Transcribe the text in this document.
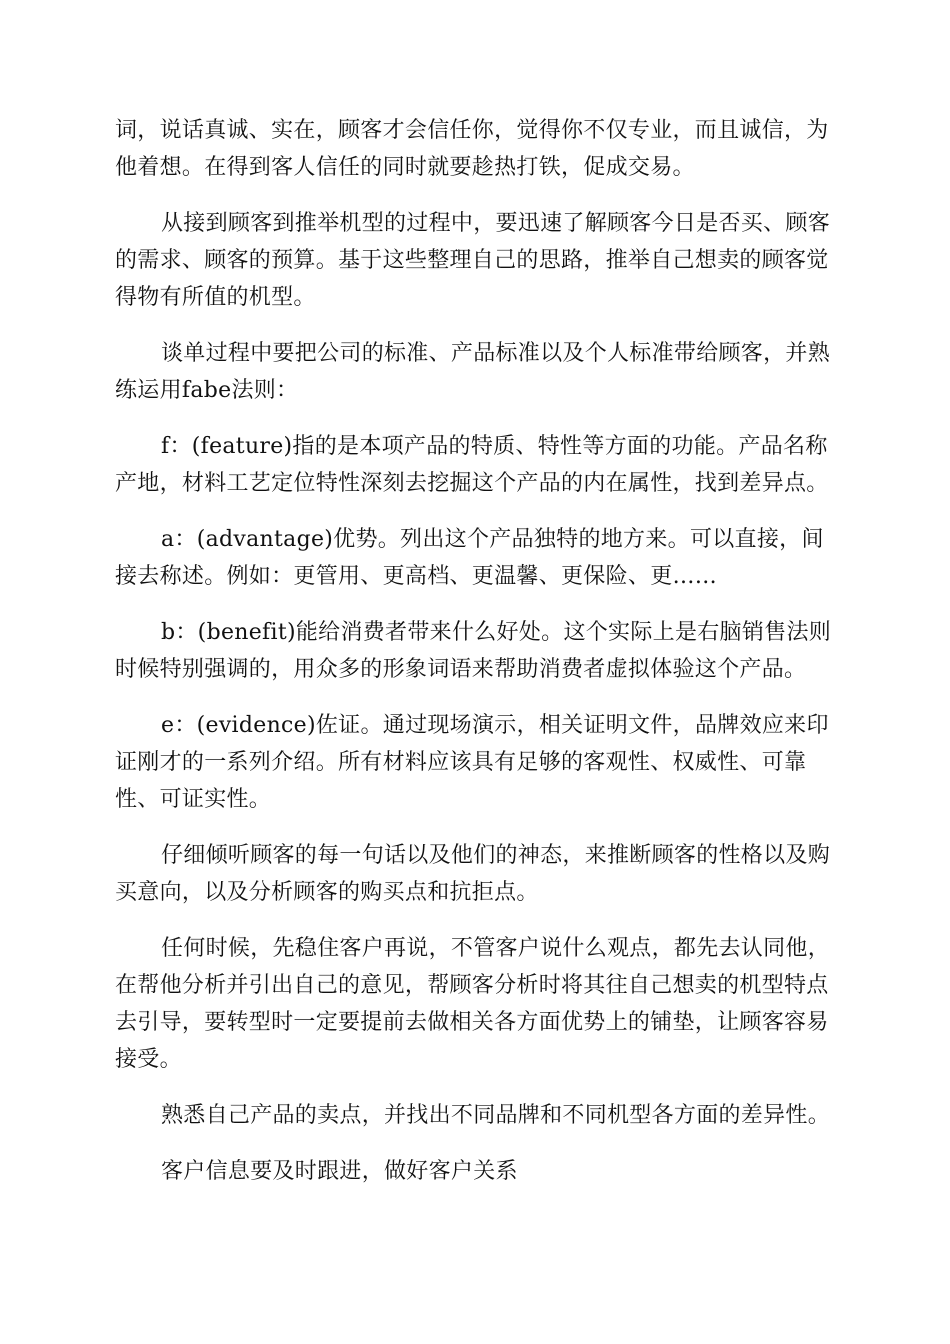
词，说话真诚、实在，顾客才会信任你，觉得你不仅专业，而且诚信，为他着想。在得到客人信任的同时就要趁热打铁，促成交易。

从接到顾客到推举机型的过程中，要迅速了解顾客今日是否买、顾客的需求、顾客的预算。基于这些整理自己的思路，推举自己想卖的顾客觉得物有所值的机型。

谈单过程中要把公司的标准、产品标准以及个人标准带给顾客，并熟练运用fabe法则：

f：(feature)指的是本项产品的特质、特性等方面的功能。产品名称产地，材料工艺定位特性深刻去挖掘这个产品的内在属性，找到差异点。

a：(advantage)优势。列出这个产品独特的地方来。可以直接，间接去称述。例如：更管用、更高档、更温馨、更保险、更……

b：(benefit)能给消费者带来什么好处。这个实际上是右脑销售法则时候特别强调的，用众多的形象词语来帮助消费者虚拟体验这个产品。

e：(evidence)佐证。通过现场演示，相关证明文件，品牌效应来印证刚才的一系列介绍。所有材料应该具有足够的客观性、权威性、可靠性、可证实性。

仔细倾听顾客的每一句话以及他们的神态，来推断顾客的性格以及购买意向，以及分析顾客的购买点和抗拒点。

任何时候，先稳住客户再说，不管客户说什么观点，都先去认同他，在帮他分析并引出自己的意见，帮顾客分析时将其往自己想卖的机型特点去引导，要转型时一定要提前去做相关各方面优势上的铺垫，让顾客容易接受。

熟悉自己产品的卖点，并找出不同品牌和不同机型各方面的差异性。

客户信息要及时跟进，做好客户关系
